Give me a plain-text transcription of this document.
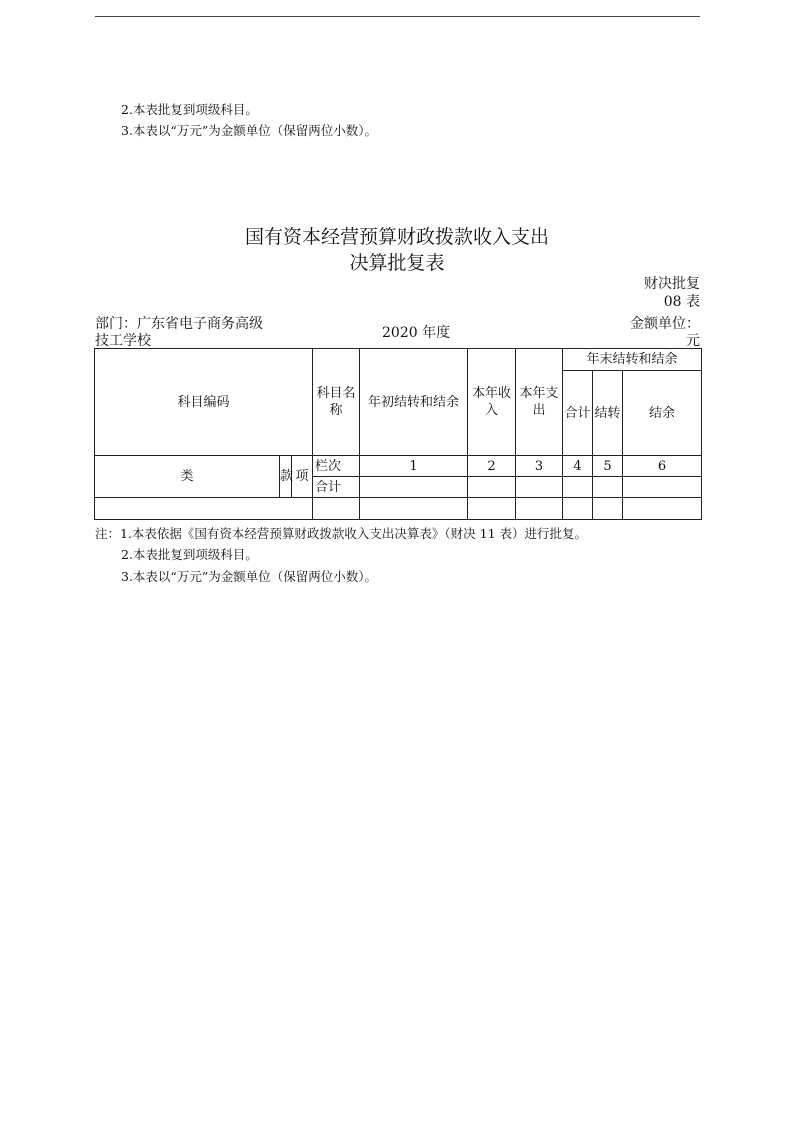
2.本表批复到项级科目。
3.本表以“万元”为金额单位（保留两位小数）。
国有资本经营预算财政拨款收入支出
决算批复表
财决批复
08 表
部门：广东省电子商务高级
技工学校	2020 年度
金额单位：
元
科目编码			科目名称	年初结转和结余	本年收入	本年支出	年末结转和结余		
							合计	结转	结余
类	款	项	栏次	1	2	3	4	5	6
			合计						

注：1.本表依据《国有资本经营预算财政拨款收入支出决算表》（财决 11 表）进行批复。
2.本表批复到项级科目。
3.本表以“万元”为金额单位（保留两位小数）。
